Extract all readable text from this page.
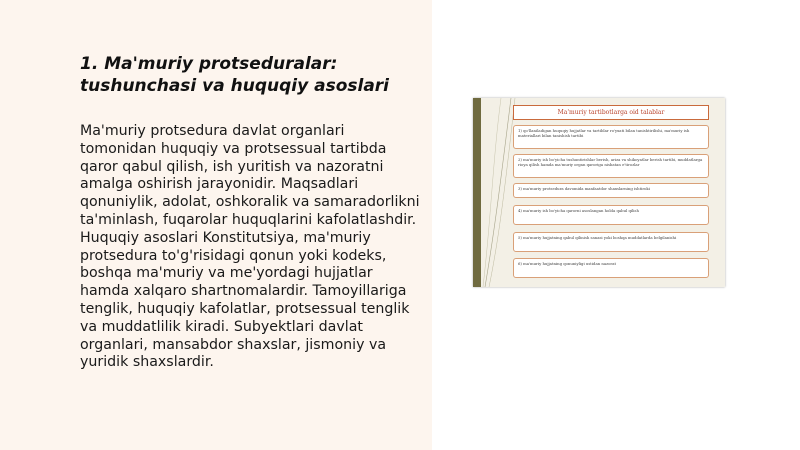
1. Ma'muriy protseduralar: tushunchasi va huquqiy asoslari

Ma'muriy protsedura davlat organlari tomonidan huquqiy va protsessual tartibda qaror qabul qilish, ish yuritish va nazoratni amalga oshirish jarayonidir. Maqsadlari qonuniylik, adolat, oshkoralik va samaradorlikni ta'minlash, fuqarolar huquqlarini kafolatlashdir. Huquqiy asoslari Konstitutsiya, ma'muriy protsedura to'g'risidagi qonun yoki kodeks, boshqa ma'muriy va me'yordagi hujjatlar hamda xalqaro shartnomalardir. Tamoyillariga tenglik, huquqiy kafolatlar, protsessual tenglik va muddatlilik kiradi. Subyektlari davlat organlari, mansabdor shaxslar, jismoniy va yuridik shaxslardir.

Ma'muriy tartibotlarga oid talablar
1) qo'llaniladigan huquqiy hujjatlar va tartiblar ro'yxati bilan tanishtirilishi, ma'muriy ish materiallari bilan tanishish tartibi
2) ma'muriy ish bo'yicha tushuntirishlar berish, ariza va shikoyatlar berish tartibi, muddatlarga rioya qilish hamda ma'muriy organ qaroriga nisbatan e'tirozlar
3) ma'muriy protsedura davomida manfaatdor shaxslarning ishtiroki
4) ma'muriy ish bo'yicha qarorni asoslangan holda qabul qilish
5) ma'muriy hujjatning qabul qilinish sanasi yoki boshqa muddatlarda belgilanishi
6) ma'muriy hujjatning qonuniyligi ustidan nazorat
